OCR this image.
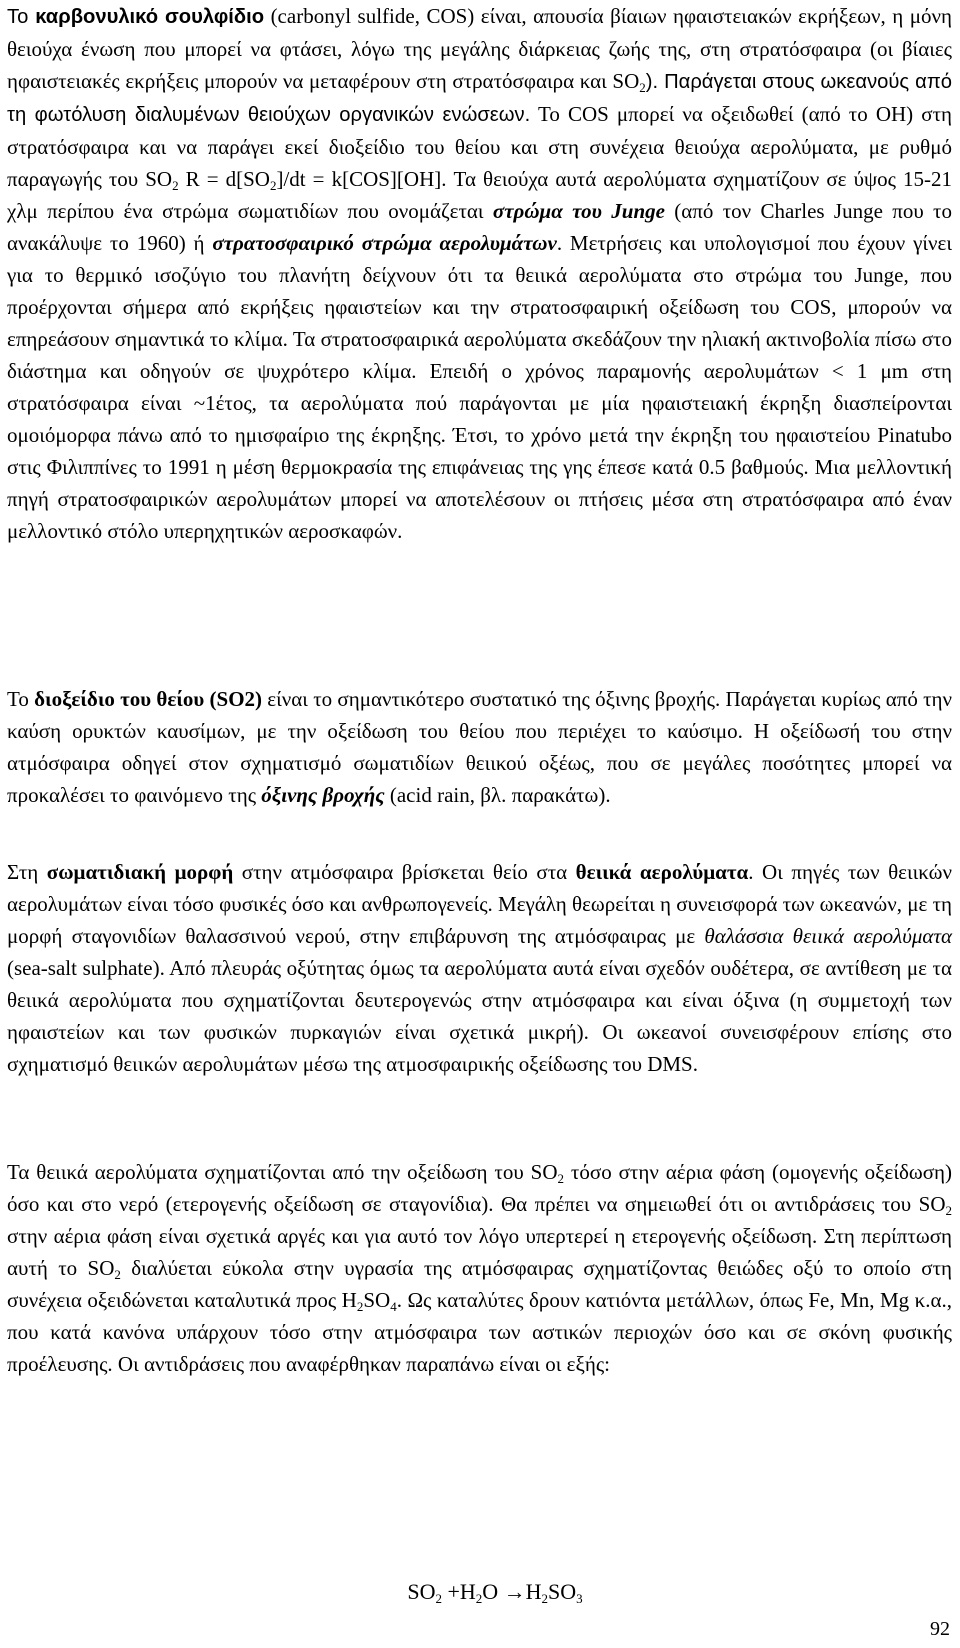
Το καρβονυλικό σουλφίδιο (carbonyl sulfide, COS) είναι, απουσία βίαιων ηφαιστειακών εκρήξεων, η μόνη θειούχα ένωση που μπορεί να φτάσει, λόγω της μεγάλης διάρκειας ζωής της, στη στρατόσφαιρα (οι βίαιες ηφαιστειακές εκρήξεις μπορούν να μεταφέρουν στη στρατόσφαιρα και $SO_2$). Παράγεται στους ωκεανούς από τη φωτόλυση διαλυμένων θειούχων οργανικών ενώσεων. Το COS μπορεί να οξειδωθεί (από το OH) στη στρατόσφαιρα και να παράγει εκεί διοξείδιο του θείου και στη συνέχεια θειούχα αερολύματα, με ρυθμό παραγωγής του $SO_2$ $R = d[SO_2]/dt = k[COS][OH]$. Τα θειούχα αυτά αερολύματα σχηματίζουν σε ύψος 15-21 χλμ περίπου ένα στρώμα σωματιδίων που ονομάζεται στρώμα του Junge (από τον Charles Junge που το ανακάλυψε το 1960) ή στρατοσφαιρικό στρώμα αερολυμάτων. Μετρήσεις και υπολογισμοί που έχουν γίνει για το θερμικό ισοζύγιο του πλανήτη δείχνουν ότι τα θειικά αερολύματα στο στρώμα του Junge, που προέρχονται σήμερα από εκρήξεις ηφαιστείων και την στρατοσφαιρική οξείδωση του COS, μπορούν να επηρεάσουν σημαντικά το κλίμα. Τα στρατοσφαιρικά αερολύματα σκεδάζουν την ηλιακή ακτινοβολία πίσω στο διάστημα και οδηγούν σε ψυχρότερο κλίμα. Επειδή ο χρόνος παραμονής αερολυμάτων < 1 μm στη στρατόσφαιρα είναι ~1έτος, τα αερολύματα πού παράγονται με μία ηφαιστειακή έκρηξη διασπείρονται ομοιόμορφα πάνω από το ημισφαίριο της έκρηξης. Έτσι, το χρόνο μετά την έκρηξη του ηφαιστείου Pinatubo στις Φιλιππίνες το 1991 η μέση θερμοκρασία της επιφάνειας της γης έπεσε κατά 0.5 βαθμούς. Μια μελλοντική πηγή στρατοσφαιρικών αερολυμάτων μπορεί να αποτελέσουν οι πτήσεις μέσα στη στρατόσφαιρα από έναν μελλοντικό στόλο υπερηχητικών αεροσκαφών.

Το διοξείδιο του θείου (SO2) είναι το σημαντικότερο συστατικό της όξινης βροχής. Παράγεται κυρίως από την καύση ορυκτών καυσίμων, με την οξείδωση του θείου που περιέχει το καύσιμο. Η οξείδωσή του στην ατμόσφαιρα οδηγεί στον σχηματισμό σωματιδίων θειικού οξέως, που σε μεγάλες ποσότητες μπορεί να προκαλέσει το φαινόμενο της όξινης βροχής (acid rain, βλ. παρακάτω).

Στη σωματιδιακή μορφή στην ατμόσφαιρα βρίσκεται θείο στα θειικά αερολύματα. Οι πηγές των θειικών αερολυμάτων είναι τόσο φυσικές όσο και ανθρωπογενείς. Μεγάλη θεωρείται η συνεισφορά των ωκεανών, με τη μορφή σταγονιδίων θαλασσινού νερού, στην επιβάρυνση της ατμόσφαιρας με θαλάσσια θειικά αερολύματα (sea-salt sulphate). Από πλευράς οξύτητας όμως τα αερολύματα αυτά είναι σχεδόν ουδέτερα, σε αντίθεση με τα θειικά αερολύματα που σχηματίζονται δευτερογενώς στην ατμόσφαιρα και είναι όξινα (η συμμετοχή των ηφαιστείων και των φυσικών πυρκαγιών είναι σχετικά μικρή). Οι ωκεανοί συνεισφέρουν επίσης στο σχηματισμό θειικών αερολυμάτων μέσω της ατμοσφαιρικής οξείδωσης του DMS.

Τα θειικά αερολύματα σχηματίζονται από την οξείδωση του $SO_2$ τόσο στην αέρια φάση (ομογενής οξείδωση) όσο και στο νερό (ετερογενής οξείδωση σε σταγονίδια). Θα πρέπει να σημειωθεί ότι οι αντιδράσεις του $SO_2$ στην αέρια φάση είναι σχετικά αργές και για αυτό τον λόγο υπερτερεί η ετερογενής οξείδωση. Στη περίπτωση αυτή το $SO_2$ διαλύεται εύκολα στην υγρασία της ατμόσφαιρας σχηματίζοντας θειώδες οξύ το οποίο στη συνέχεια οξειδώνεται καταλυτικά προς $H_2SO_4$. Ως καταλύτες δρουν κατιόντα μετάλλων, όπως Fe, Mn, Mg κ.α., που κατά κανόνα υπάρχουν τόσο στην ατμόσφαιρα των αστικών περιοχών όσο και σε σκόνη φυσικής προέλευσης. Οι αντιδράσεις που αναφέρθηκαν παραπάνω είναι οι εξής:

$SO_2 +H_2O \to H_2SO_3$
92
